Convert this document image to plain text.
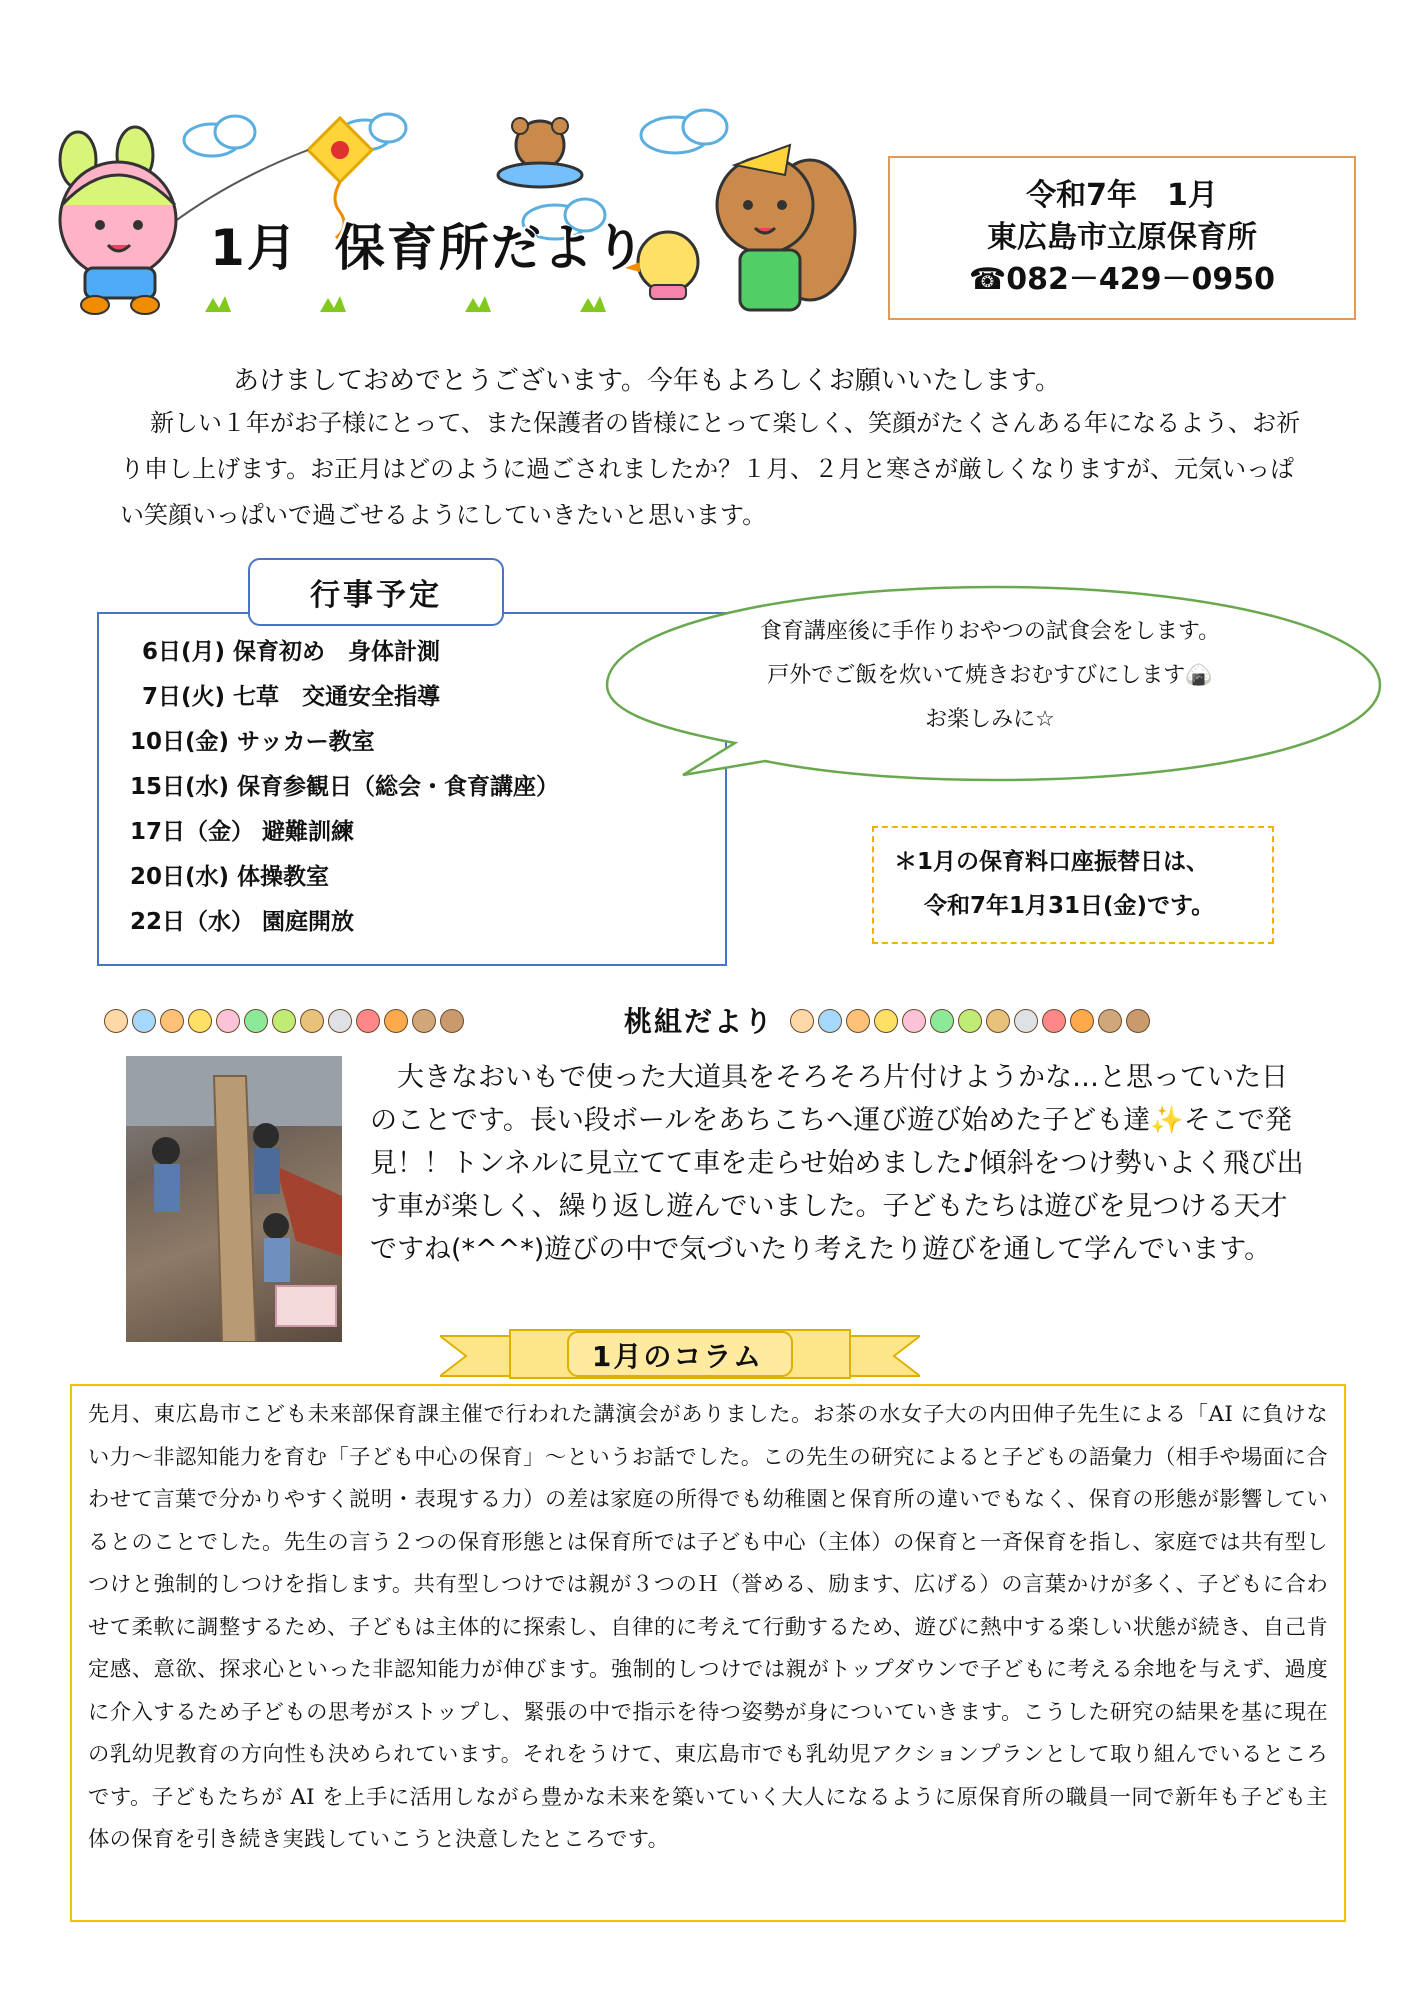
1月 保育所だより
令和7年　1月
東広島市立原保育所
☎082－429－0950
あけましておめでとうございます。今年もよろしくお願いいたします。
新しい１年がお子様にとって、また保護者の皆様にとって楽しく、笑顔がたくさんある年になるよう、お祈り申し上げます。お正月はどのように過ごされましたか？１月、２月と寒さが厳しくなりますが、元気いっぱい笑顔いっぱいで過ごせるようにしていきたいと思います。
行事予定
6日(月) 保育初め　身体計測
7日(火) 七草　交通安全指導
10日(金) サッカー教室
15日(水) 保育参観日（総会・食育講座）
17日（金） 避難訓練
20日(水) 体操教室
22日（水） 園庭開放
食育講座後に手作りおやつの試食会をします。
戸外でご飯を炊いて焼きおむすびにします🍙
お楽しみに☆
＊1月の保育料口座振替日は、
令和7年1月31日(金)です。
桃組だより
大きなおいもで使った大道具をそろそろ片付けようかな…と思っていた日のことです。長い段ボールをあちこちへ運び遊び始めた子ども達✨そこで発見！！トンネルに見立てて車を走らせ始めました♪傾斜をつけ勢いよく飛び出す車が楽しく、繰り返し遊んでいました。子どもたちは遊びを見つける天才ですね(*^^*)遊びの中で気づいたり考えたり遊びを通して学んでいます。
1月のコラム
先月、東広島市こども未来部保育課主催で行われた講演会がありました。お茶の水女子大の内田伸子先生による「AI に負けない力～非認知能力を育む「子ども中心の保育」～というお話でした。この先生の研究によると子どもの語彙力（相手や場面に合わせて言葉で分かりやすく説明・表現する力）の差は家庭の所得でも幼稚園と保育所の違いでもなく、保育の形態が影響しているとのことでした。先生の言う２つの保育形態とは保育所では子ども中心（主体）の保育と一斉保育を指し、家庭では共有型しつけと強制的しつけを指します。共有型しつけでは親が３つのＨ（誉める、励ます、広げる）の言葉かけが多く、子どもに合わせて柔軟に調整するため、子どもは主体的に探索し、自律的に考えて行動するため、遊びに熱中する楽しい状態が続き、自己肯定感、意欲、探求心といった非認知能力が伸びます。強制的しつけでは親がトップダウンで子どもに考える余地を与えず、過度に介入するため子どもの思考がストップし、緊張の中で指示を待つ姿勢が身についていきます。こうした研究の結果を基に現在の乳幼児教育の方向性も決められています。それをうけて、東広島市でも乳幼児アクションプランとして取り組んでいるところです。子どもたちが AI を上手に活用しながら豊かな未来を築いていく大人になるように原保育所の職員一同で新年も子ども主体の保育を引き続き実践していこうと決意したところです。
